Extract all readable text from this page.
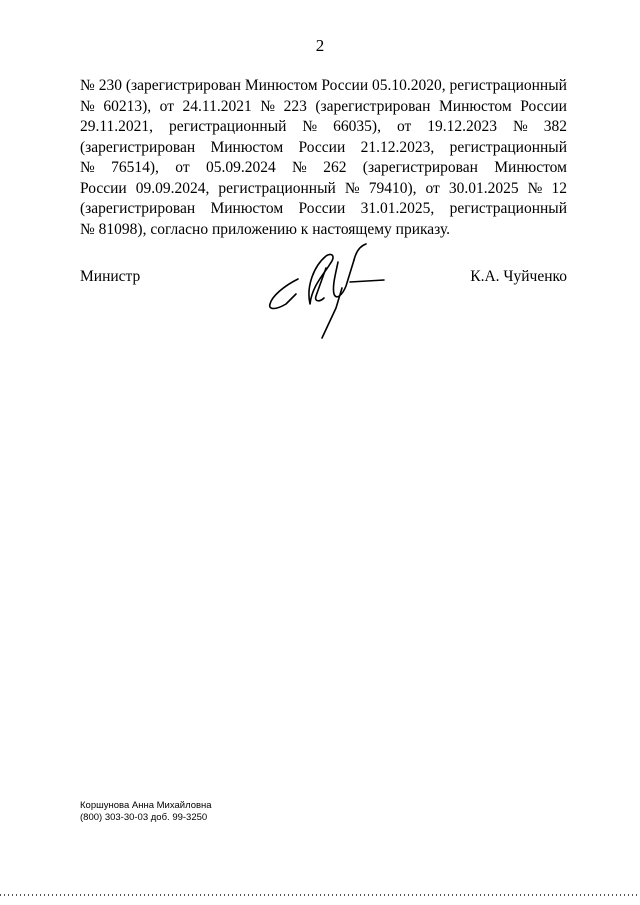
2
№ 230 (зарегистрирован Минюстом России 05.10.2020, регистрационный
№ 60213), от 24.11.2021 № 223 (зарегистрирован Минюстом России
29.11.2021, регистрационный № 66035), от 19.12.2023 № 382
(зарегистрирован Минюстом России 21.12.2023, регистрационный
№ 76514), от 05.09.2024 № 262 (зарегистрирован Минюстом
России 09.09.2024, регистрационный № 79410), от 30.01.2025 № 12
(зарегистрирован Минюстом России 31.01.2025, регистрационный
№ 81098), согласно приложению к настоящему приказу.
Министр	К.А. Чуйченко
Коршунова Анна Михайловна
(800) 303-30-03 доб. 99-3250
